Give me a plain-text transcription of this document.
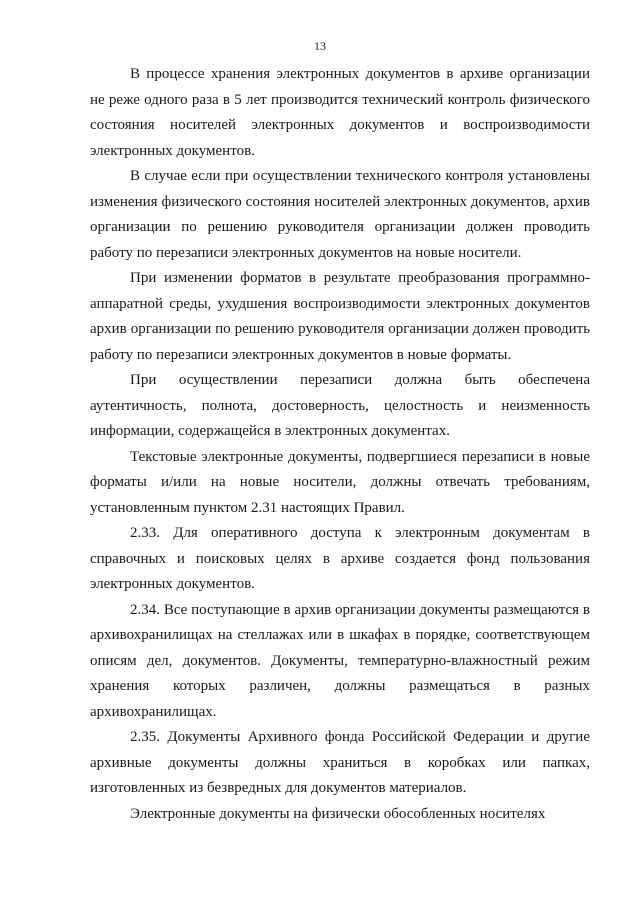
13

В процессе хранения электронных документов в архиве организации не реже одного раза в 5 лет производится технический контроль физического состояния носителей электронных документов и воспроизводимости электронных документов.

В случае если при осуществлении технического контроля установлены изменения физического состояния носителей электронных документов, архив организации по решению руководителя организации должен проводить работу по перезаписи электронных документов на новые носители.

При изменении форматов в результате преобразования программно-аппаратной среды, ухудшения воспроизводимости электронных документов архив организации по решению руководителя организации должен проводить работу по перезаписи электронных документов в новые форматы.

При осуществлении перезаписи должна быть обеспечена аутентичность, полнота, достоверность, целостность и неизменность информации, содержащейся в электронных документах.

Текстовые электронные документы, подвергшиеся перезаписи в новые форматы и/или на новые носители, должны отвечать требованиям, установленным пунктом 2.31 настоящих Правил.

2.33. Для оперативного доступа к электронным документам в справочных и поисковых целях в архиве создается фонд пользования электронных документов.

2.34. Все поступающие в архив организации документы размещаются в архивохранилищах на стеллажах или в шкафах в порядке, соответствующем описям дел, документов. Документы, температурно-влажностный режим хранения которых различен, должны размещаться в разных архивохранилищах.

2.35. Документы Архивного фонда Российской Федерации и другие архивные документы должны храниться в коробках или папках, изготовленных из безвредных для документов материалов.

Электронные документы на физически обособленных носителях
